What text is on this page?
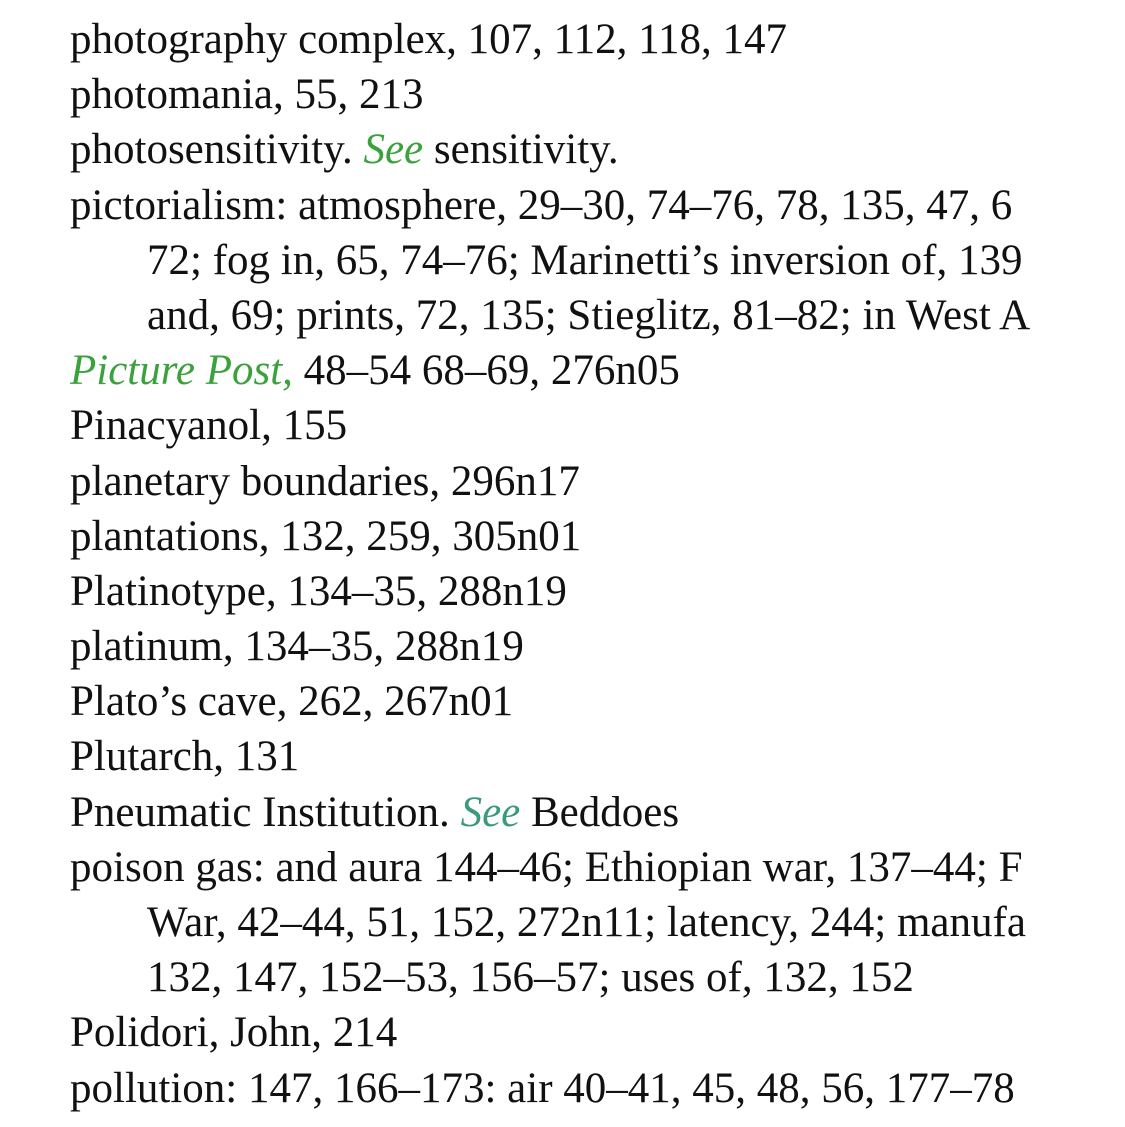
photography complex, 107, 112, 118, 147
photomania, 55, 213
photosensitivity. See sensitivity.
pictorialism: atmosphere, 29–30, 74–76, 78, 135, 47, 6
72; fog in, 65, 74–76; Marinetti’s inversion of, 139
and, 69; prints, 72, 135; Stieglitz, 81–82; in West A
Picture Post, 48–54 68–69, 276n05
Pinacyanol, 155
planetary boundaries, 296n17
plantations, 132, 259, 305n01
Platinotype, 134–35, 288n19
platinum, 134–35, 288n19
Plato’s cave, 262, 267n01
Plutarch, 131
Pneumatic Institution. See Beddoes
poison gas: and aura 144–46; Ethiopian war, 137–44; F
War, 42–44, 51, 152, 272n11; latency, 244; manufa
132, 147, 152–53, 156–57; uses of, 132, 152
Polidori, John, 214
pollution: 147, 166–173: air 40–41, 45, 48, 56, 177–78
